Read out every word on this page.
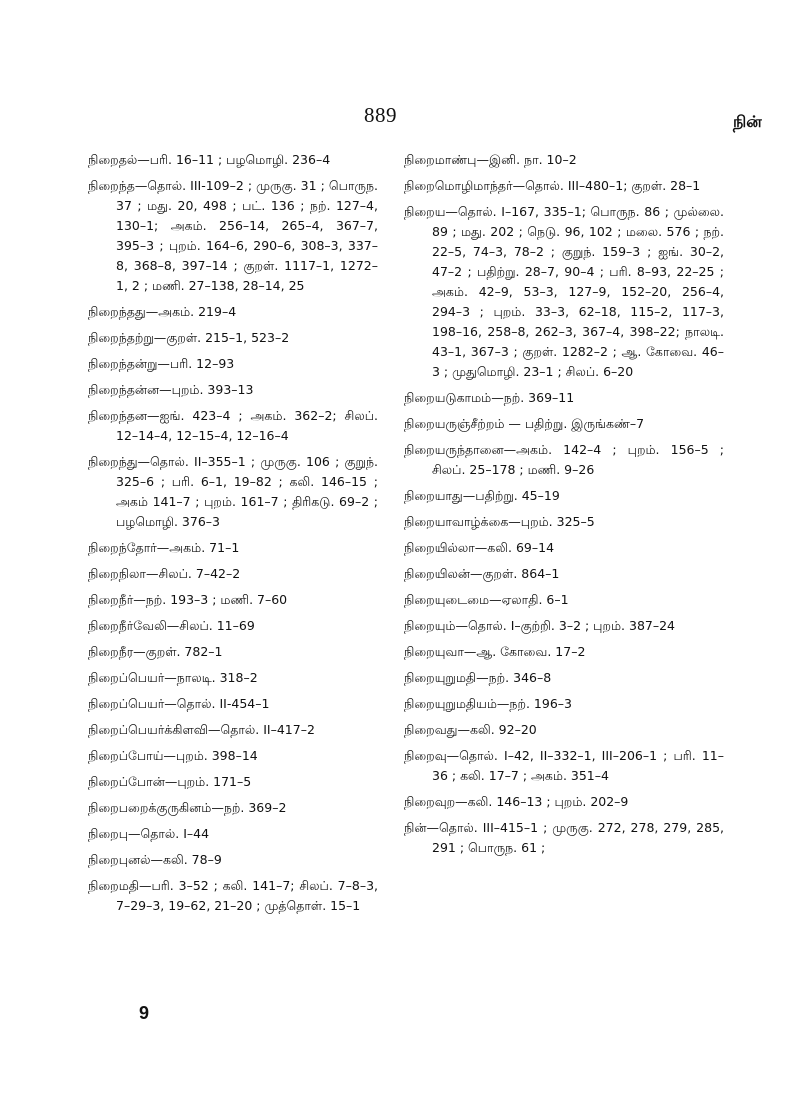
889	நின்
நிறைதல்—பரி. 16–11 ; பழமொழி. 236–4
நிறைந்த—தொல். III-109–2 ; முருகு. 31 ; பொருந. 37 ; மது. 20, 498 ; பட். 136 ; நற். 127–4, 130–1; அகம். 256–14, 265–4, 367–7, 395–3 ; புறம். 164–6, 290–6, 308–3, 337–8, 368–8, 397–14 ; குறள். 1117–1, 1272–1, 2 ; மணி. 27–138, 28–14, 25
நிறைந்தது—அகம். 219–4
நிறைந்தற்று—குறள். 215–1, 523–2
நிறைந்தன்று—பரி. 12–93
நிறைந்தன்ன—புறம். 393–13
நிறைந்தன—ஐங். 423–4 ; அகம். 362–2; சிலப். 12–14–4, 12–15–4, 12–16–4
நிறைந்து—தொல். II–355–1 ; முருகு. 106 ; குறுந். 325–6 ; பரி. 6–1, 19–82 ; கலி. 146–15 ; அகம் 141–7 ; புறம். 161–7 ; திரிகடு. 69–2 ; பழமொழி. 376–3
நிறைந்தோர்—அகம். 71–1
நிறைநிலா—சிலப். 7–42–2
நிறைநீர்—நற். 193–3 ; மணி. 7–60
நிறைநீர்வேலி—சிலப். 11–69
நிறைநீர—குறள். 782–1
நிறைப்பெயர்—நாலடி. 318–2
நிறைப்பெயர்—தொல். II-454–1
நிறைப்பெயர்க்கிளவி—தொல். II–417–2
நிறைப்போய்—புறம். 398–14
நிறைப்போன்—புறம். 171–5
நிறைபறைக்குருகினம்—நற். 369–2
நிறைபு—தொல். I–44
நிறைபுனல்—கலி. 78–9
நிறைமதி—பரி. 3–52 ; கலி. 141–7; சிலப். 7–8–3, 7–29–3, 19–62, 21–20 ; முத்தொள். 15–1
நிறைமாண்பு—இனி. நா. 10–2
நிறைமொழிமாந்தர்—தொல். III–480–1; குறள். 28–1
நிறைய—தொல். I–167, 335–1; பொருந. 86 ; முல்லை. 89 ; மது. 202 ; நெடு. 96, 102 ; மலை. 576 ; நற். 22–5, 74–3, 78–2 ; குறுந். 159–3 ; ஐங். 30–2, 47–2 ; பதிற்று. 28–7, 90–4 ; பரி. 8–93, 22–25 ; அகம். 42–9, 53–3, 127–9, 152–20, 256–4, 294–3 ; புறம். 33–3, 62–18, 115–2, 117–3, 198–16, 258–8, 262–3, 367–4, 398–22; நாலடி. 43–1, 367–3 ; குறள். 1282–2 ; ஆ. கோவை. 46–3 ; முதுமொழி. 23–1 ; சிலப். 6–20
நிறையடுகாமம்—நற். 369–11
நிறையருஞ்சீற்றம் — பதிற்று. இருங்கண்–7
நிறையருந்தானை—அகம். 142–4 ; புறம். 156–5 ; சிலப். 25–178 ; மணி. 9–26
நிறையாது—பதிற்று. 45–19
நிறையாவாழ்க்கை—புறம். 325–5
நிறையில்லா—கலி. 69–14
நிறையிலன்—குறள். 864–1
நிறையுடைமை—ஏலாதி. 6–1
நிறையும்—தொல். I–குற்றி. 3–2 ; புறம். 387–24
நிறையுவா—ஆ. கோவை. 17–2
நிறையுறுமதி—நற். 346–8
நிறையுறுமதியம்—நற். 196–3
நிறைவது—கலி. 92–20
நிறைவு—தொல். I–42, II–332–1, III–206–1 ; பரி. 11–36 ; கலி. 17–7 ; அகம். 351–4
நிறைவுற—கலி. 146–13 ; புறம். 202–9
நின்—தொல். III–415–1 ; முருகு. 272, 278, 279, 285, 291 ; பொருந. 61 ;
9
